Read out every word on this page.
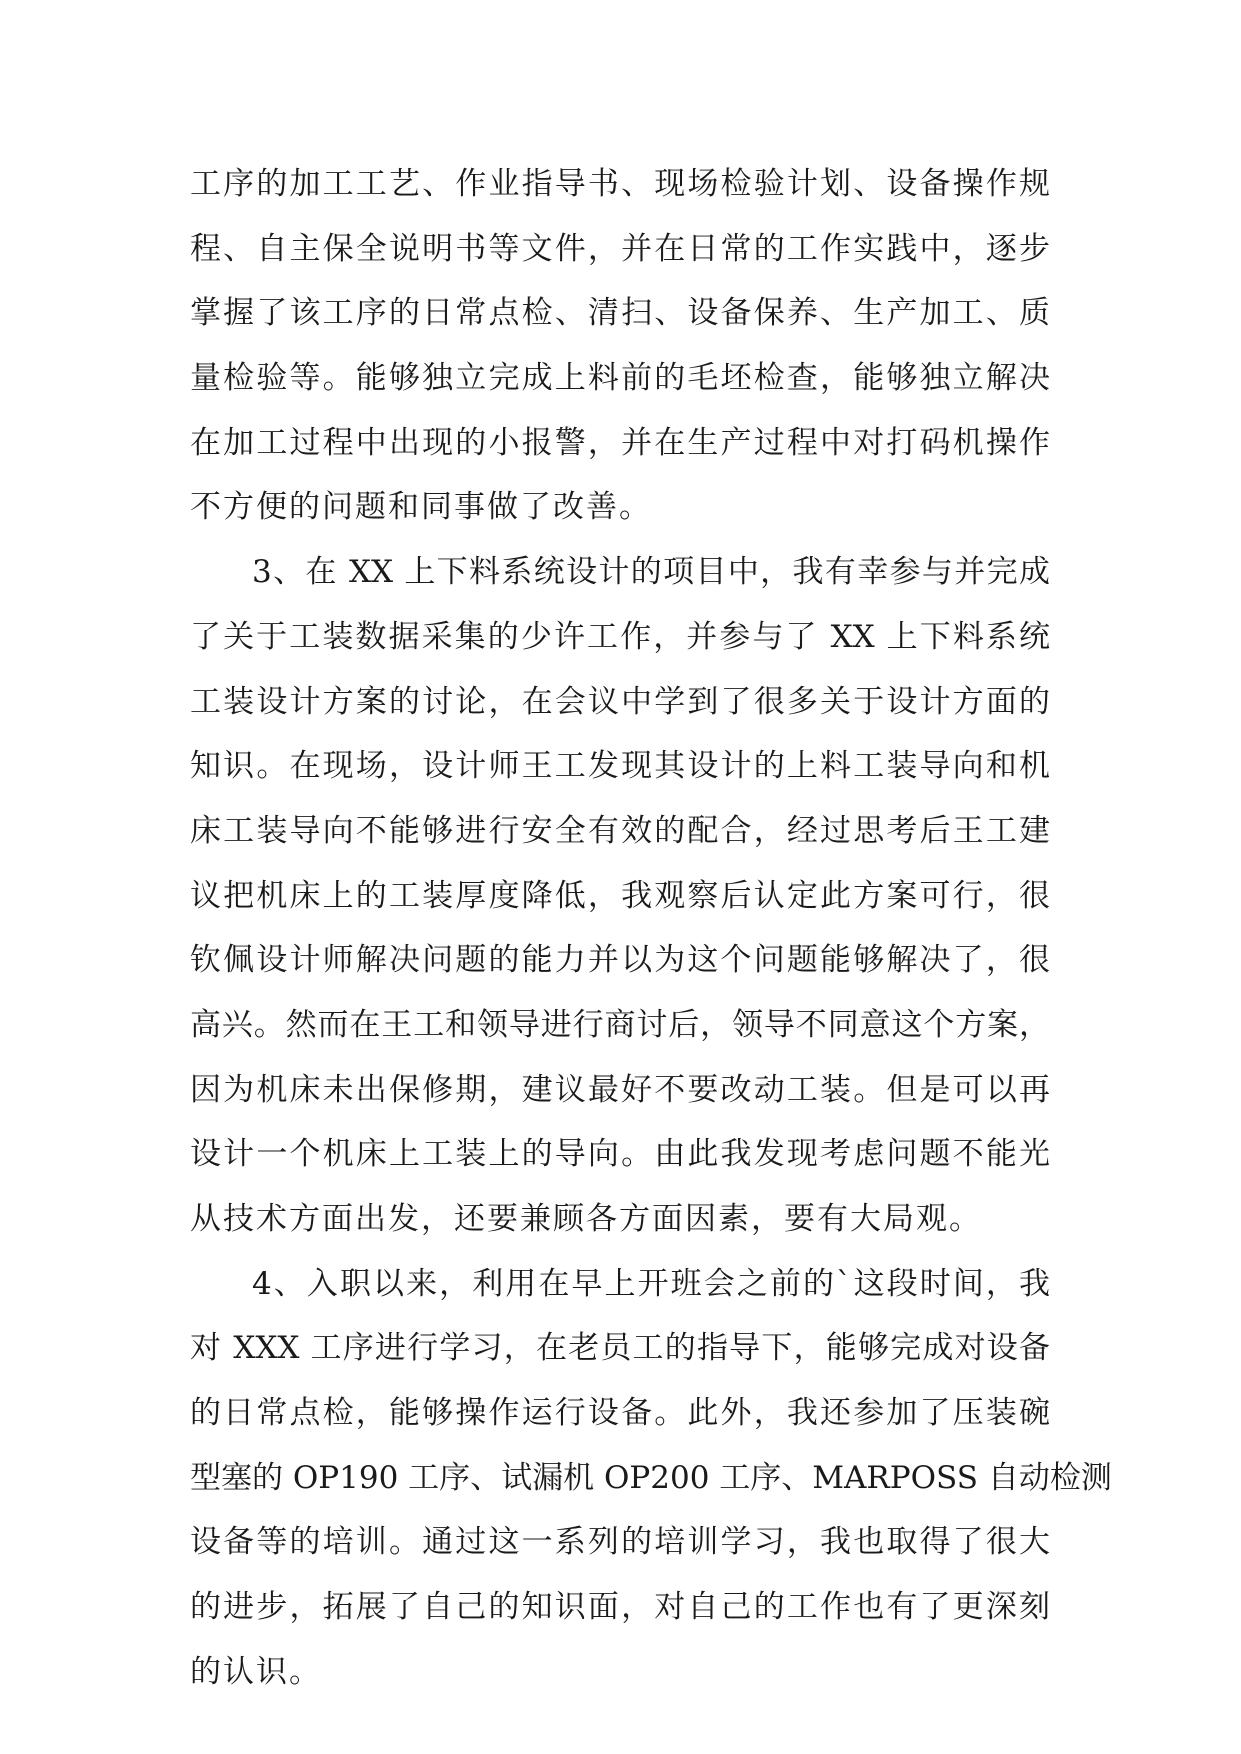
工序的加工工艺、作业指导书、现场检验计划、设备操作规
程、自主保全说明书等文件，并在日常的工作实践中，逐步
掌握了该工序的日常点检、清扫、设备保养、生产加工、质
量检验等。能够独立完成上料前的毛坯检查，能够独立解决
在加工过程中出现的小报警，并在生产过程中对打码机操作
不方便的问题和同事做了改善。
3、在 XX 上下料系统设计的项目中，我有幸参与并完成
了关于工装数据采集的少许工作，并参与了 XX 上下料系统
工装设计方案的讨论，在会议中学到了很多关于设计方面的
知识。在现场，设计师王工发现其设计的上料工装导向和机
床工装导向不能够进行安全有效的配合，经过思考后王工建
议把机床上的工装厚度降低，我观察后认定此方案可行，很
钦佩设计师解决问题的能力并以为这个问题能够解决了，很
高兴。然而在王工和领导进行商讨后，领导不同意这个方案，
因为机床未出保修期，建议最好不要改动工装。但是可以再
设计一个机床上工装上的导向。由此我发现考虑问题不能光
从技术方面出发，还要兼顾各方面因素，要有大局观。
4、入职以来，利用在早上开班会之前的`这段时间，我
对 XXX 工序进行学习，在老员工的指导下，能够完成对设备
的日常点检，能够操作运行设备。此外，我还参加了压装碗
型塞的 OP190 工序、试漏机 OP200 工序、MARPOSS 自动检测
设备等的培训。通过这一系列的培训学习，我也取得了很大
的进步，拓展了自己的知识面，对自己的工作也有了更深刻
的认识。
